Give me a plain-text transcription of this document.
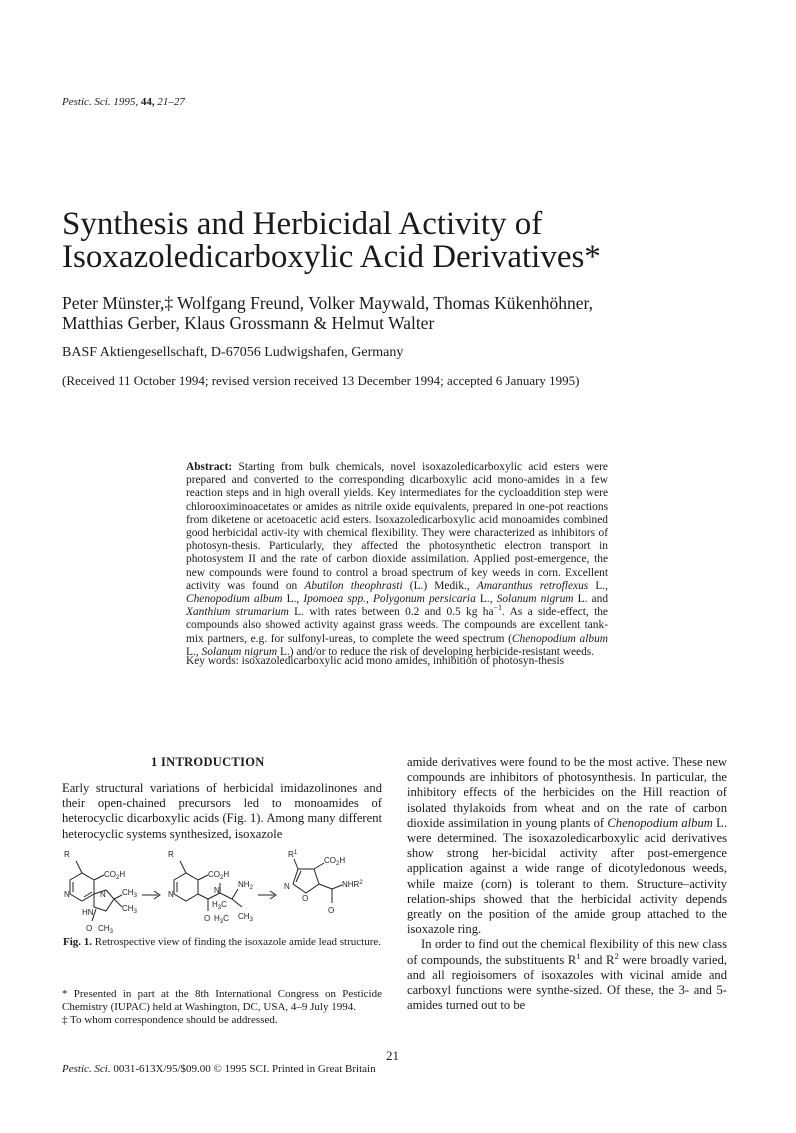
Pestic. Sci. 1995, 44, 21–27
Synthesis and Herbicidal Activity of
Isoxazoledicarboxylic Acid Derivatives*
Peter Münster,‡ Wolfgang Freund, Volker Maywald, Thomas Kükenhöhner,
Matthias Gerber, Klaus Grossmann & Helmut Walter
BASF Aktiengesellschaft, D-67056 Ludwigshafen, Germany
(Received 11 October 1994; revised version received 13 December 1994; accepted 6 January 1995)
Abstract: Starting from bulk chemicals, novel isoxazoledicarboxylic acid esters were prepared and converted to the corresponding dicarboxylic acid mono-amides in a few reaction steps and in high overall yields. Key intermediates for the cycloaddition step were chlorooximinoacetates or amides as nitrile oxide equivalents, prepared in one-pot reactions from diketene or acetoacetic acid esters. Isoxazoledicarboxylic acid monoamides combined good herbicidal activ-ity with chemical flexibility. They were characterized as inhibitors of photosyn-thesis. Particularly, they affected the photosynthetic electron transport in photosystem II and the rate of carbon dioxide assimilation. Applied post-emergence, the new compounds were found to control a broad spectrum of key weeds in corn. Excellent activity was found on Abutilon theophrasti (L.) Medik., Amaranthus retroflexus L., Chenopodium album L., Ipomoea spp., Polygonum persicaria L., Solanum nigrum L. and Xanthium strumarium L. with rates between 0.2 and 0.5 kg $ha^{-1}$. As a side-effect, the compounds also showed activity against grass weeds. The compounds are excellent tank-mix partners, e.g. for sulfonyl-ureas, to complete the weed spectrum (Chenopodium album L., Solanum nigrum L.) and/or to reduce the risk of developing herbicide-resistant weeds.
Key words: isoxazoledicarboxylic acid mono amides, inhibition of photosyn-thesis
1 INTRODUCTION
Early structural variations of herbicidal imidazolinones and their open-chained precursors led to monoamides of heterocyclic dicarboxylic acids (Fig. 1). Among many different heterocyclic systems synthesized, isoxazole
R
$CO_2H$
N	N $CH_3$
$CH_3$
HN
O $CH_3$
R
$CO_2H$
N	N
$NH_2$
$H_3C$
O $H_3C$ $CH_3$
$R^1$
$CO_2H$
N
O
NHR$^2$
O
Fig. 1. Retrospective view of finding the isoxazole amide lead structure.

* Presented in part at the 8th International Congress on Pesticide Chemistry (IUPAC) held at Washington, DC, USA, 4–9 July 1994.

‡ To whom correspondence should be addressed.

amide derivatives were found to be the most active. These new compounds are inhibitors of photosynthesis. In particular, the inhibitory effects of the herbicides on the Hill reaction of isolated thylakoids from wheat and on the rate of carbon dioxide assimilation in young plants of Chenopodium album L. were determined. The isoxazoledicarboxylic acid derivatives show strong her-bicidal activity after post-emergence application against a wide range of dicotyledonous weeds, while maize (corn) is tolerant to them. Structure–activity relation-ships showed that the herbicidal activity depends greatly on the position of the amide group attached to the isoxazole ring.

In order to find out the chemical flexibility of this new class of compounds, the substituents $R^1$ and $R^2$ were broadly varied, and all regioisomers of isoxazoles with vicinal amide and carboxyl functions were synthe-sized. Of these, the 3- and 5-amides turned out to be

21
Pestic. Sci. 0031-613X/95/$09.00 © 1995 SCI. Printed in Great Britain
